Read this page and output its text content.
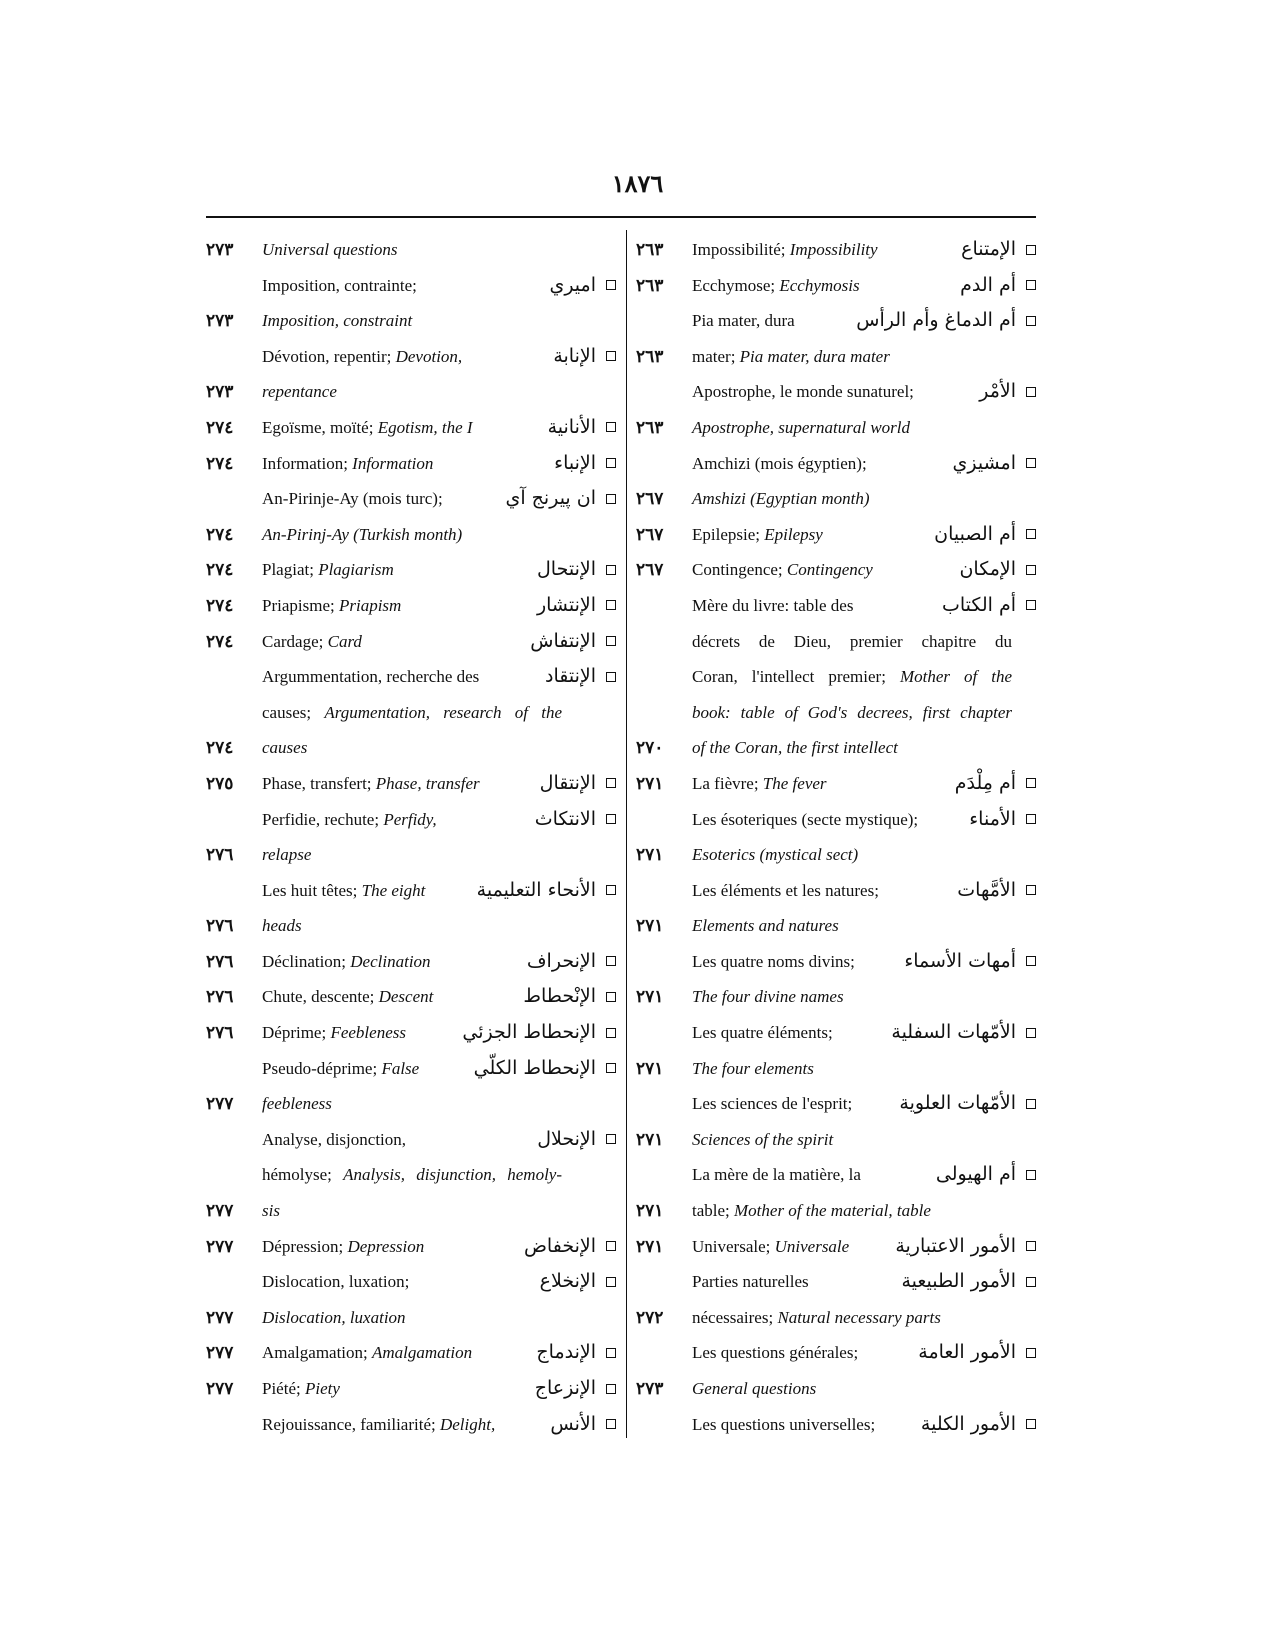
١٨٧٦
٢٧٣	Universal questions
Imposition, contrainte;	اميري
٢٧٣	Imposition, constraint
Dévotion, repentir; Devotion,	الإنابة
٢٧٣	repentance
٢٧٤	Egoïsme, moïté; Egotism, the I	الأنانية
٢٧٤	Information; Information	الإنباء
An-Pirinje-Ay (mois turc);	ان پيرنج آي
٢٧٤	An-Pirinj-Ay (Turkish month)
٢٧٤	Plagiat; Plagiarism	الإنتحال
٢٧٤	Priapisme; Priapism	الإنتشار
٢٧٤	Cardage; Card	الإنتفاش
Argummentation, recherche des	الإنتقاد
causes; Argumentation, research of the
٢٧٤	causes
٢٧٥	Phase, transfert; Phase, transfer	الإنتقال
Perfidie, rechute; Perfidy,	الانتكاث
٢٧٦	relapse
Les huit têtes; The eight	الأنحاء التعليمية
٢٧٦	heads
٢٧٦	Déclination; Declination	الإنحراف
٢٧٦	Chute, descente; Descent	الإنْحطاط
٢٧٦	Déprime; Feebleness	الإنحطاط الجزئي
Pseudo-déprime; False	الإنحطاط الكلّي
٢٧٧	feebleness
Analyse, disjonction,	الإنحلال
hémolyse; Analysis, disjunction, hemoly-
٢٧٧	sis
٢٧٧	Dépression; Depression	الإنخفاض
Dislocation, luxation;	الإنخلاع
٢٧٧	Dislocation, luxation
٢٧٧	Amalgamation; Amalgamation	الإندماج
٢٧٧	Piété; Piety	الإنزعاج
Rejouissance, familiarité; Delight,	الأنس
٢٦٣	Impossibilité; Impossibility	الإمتناع
٢٦٣	Ecchymose; Ecchymosis	أم الدم
Pia mater, dura	أم الدماغ وأم الرأس
٢٦٣	mater; Pia mater, dura mater
Apostrophe, le monde sunaturel;	الأمْر
٢٦٣	Apostrophe, supernatural world
Amchizi (mois égyptien);	امشيزي
٢٦٧	Amshizi (Egyptian month)
٢٦٧	Epilepsie; Epilepsy	أم الصبيان
٢٦٧	Contingence; Contingency	الإمكان
Mère du livre: table des	أم الكتاب
décrets de Dieu, premier chapitre du
Coran, l'intellect premier; Mother of the
book: table of God's decrees, first chapter
٢٧٠	of the Coran, the first intellect
٢٧١	La fièvre; The fever	أم مِلْدَم
Les ésoteriques (secte mystique);	الأمناء
٢٧١	Esoterics (mystical sect)
Les éléments et les natures;	الأمَّهات
٢٧١	Elements and natures
Les quatre noms divins;	أمهات الأسماء
٢٧١	The four divine names
Les quatre éléments;	الأمّهات السفلية
٢٧١	The four elements
Les sciences de l'esprit;	الأمّهات العلوية
٢٧١	Sciences of the spirit
La mère de la matière, la	أم الهيولى
٢٧١	table; Mother of the material, table
٢٧١	Universale; Universale	الأمور الاعتبارية
Parties naturelles	الأمور الطبيعية
٢٧٢	nécessaires; Natural necessary parts
Les questions générales;	الأمور العامة
٢٧٣	General questions
Les questions universelles;	الأمور الكلية
